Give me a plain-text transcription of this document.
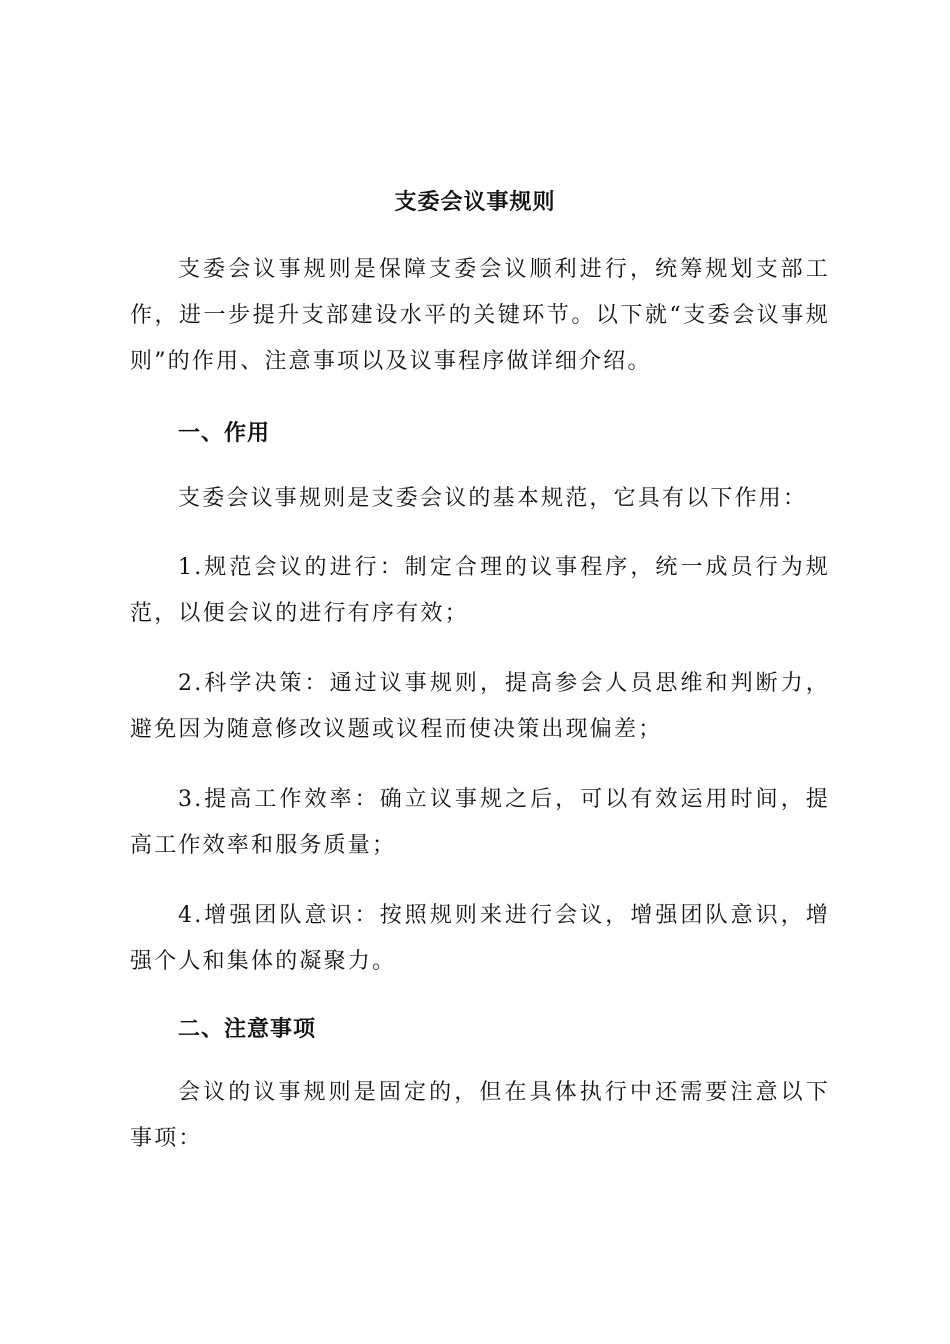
支委会议事规则

支委会议事规则是保障支委会议顺利进行，统筹规划支部工作，进一步提升支部建设水平的关键环节。以下就“支委会议事规则”的作用、注意事项以及议事程序做详细介绍。

一、作用

支委会议事规则是支委会议的基本规范，它具有以下作用：

1.规范会议的进行：制定合理的议事程序，统一成员行为规范，以便会议的进行有序有效；

2.科学决策：通过议事规则，提高参会人员思维和判断力，避免因为随意修改议题或议程而使决策出现偏差；

3.提高工作效率：确立议事规之后，可以有效运用时间，提高工作效率和服务质量；

4.增强团队意识：按照规则来进行会议，增强团队意识，增强个人和集体的凝聚力。

二、注意事项

会议的议事规则是固定的，但在具体执行中还需要注意以下事项：
